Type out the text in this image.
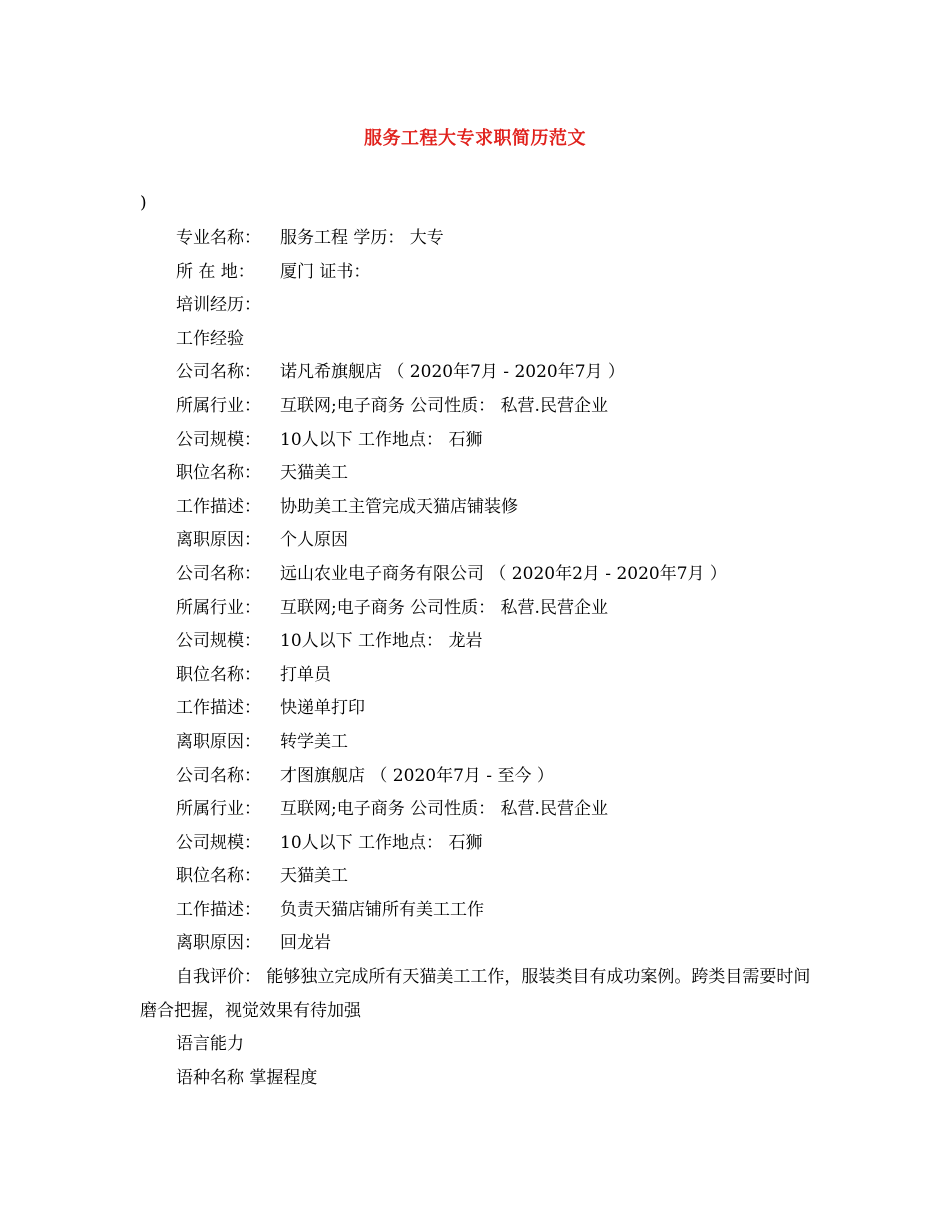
服务工程大专求职简历范文
)
专业名称： 服务工程 学历： 大专
所 在 地： 厦门 证书：
培训经历：
工作经验
公司名称： 诺凡希旗舰店 （ 2020年7月 - 2020年7月 ）
所属行业： 互联网;电子商务 公司性质： 私营.民营企业
公司规模： 10人以下 工作地点： 石狮
职位名称： 天猫美工
工作描述： 协助美工主管完成天猫店铺装修
离职原因： 个人原因
公司名称： 远山农业电子商务有限公司 （ 2020年2月 - 2020年7月 ）
所属行业： 互联网;电子商务 公司性质： 私营.民营企业
公司规模： 10人以下 工作地点： 龙岩
职位名称： 打单员
工作描述： 快递单打印
离职原因： 转学美工
公司名称： 才图旗舰店 （ 2020年7月 - 至今 ）
所属行业： 互联网;电子商务 公司性质： 私营.民营企业
公司规模： 10人以下 工作地点： 石狮
职位名称： 天猫美工
工作描述： 负责天猫店铺所有美工工作
离职原因： 回龙岩
自我评价： 能够独立完成所有天猫美工工作，服装类目有成功案例。跨类目需要时间磨合把握，视觉效果有待加强
语言能力
语种名称 掌握程度
